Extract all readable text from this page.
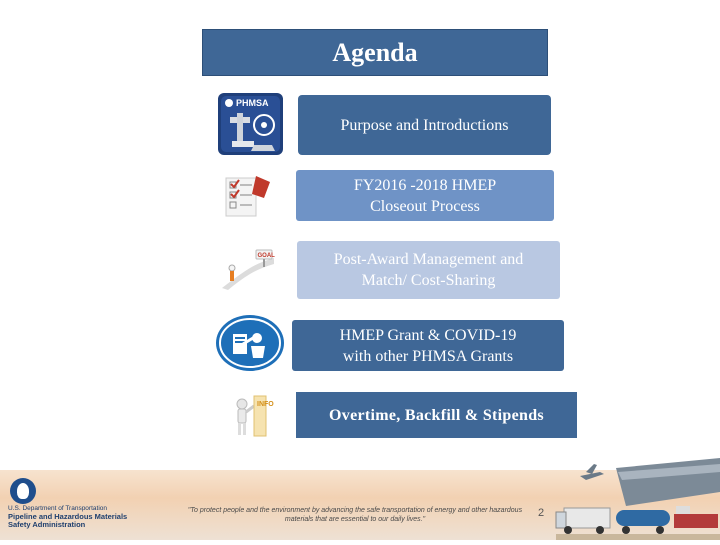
Agenda
PHMSA
GOAL
INFO
Purpose and Introductions
FY2016 -2018 HMEP
Closeout Process
Post-Award Management and
Match/ Cost-Sharing
HMEP Grant & COVID-19
with other PHMSA Grants
Overtime, Backfill & Stipends
U.S. Department of Transportation
Pipeline and Hazardous Materials
Safety Administration
"To protect people and the environment by advancing the safe transportation of energy and other hazardous materials that are essential to our daily lives."
2
